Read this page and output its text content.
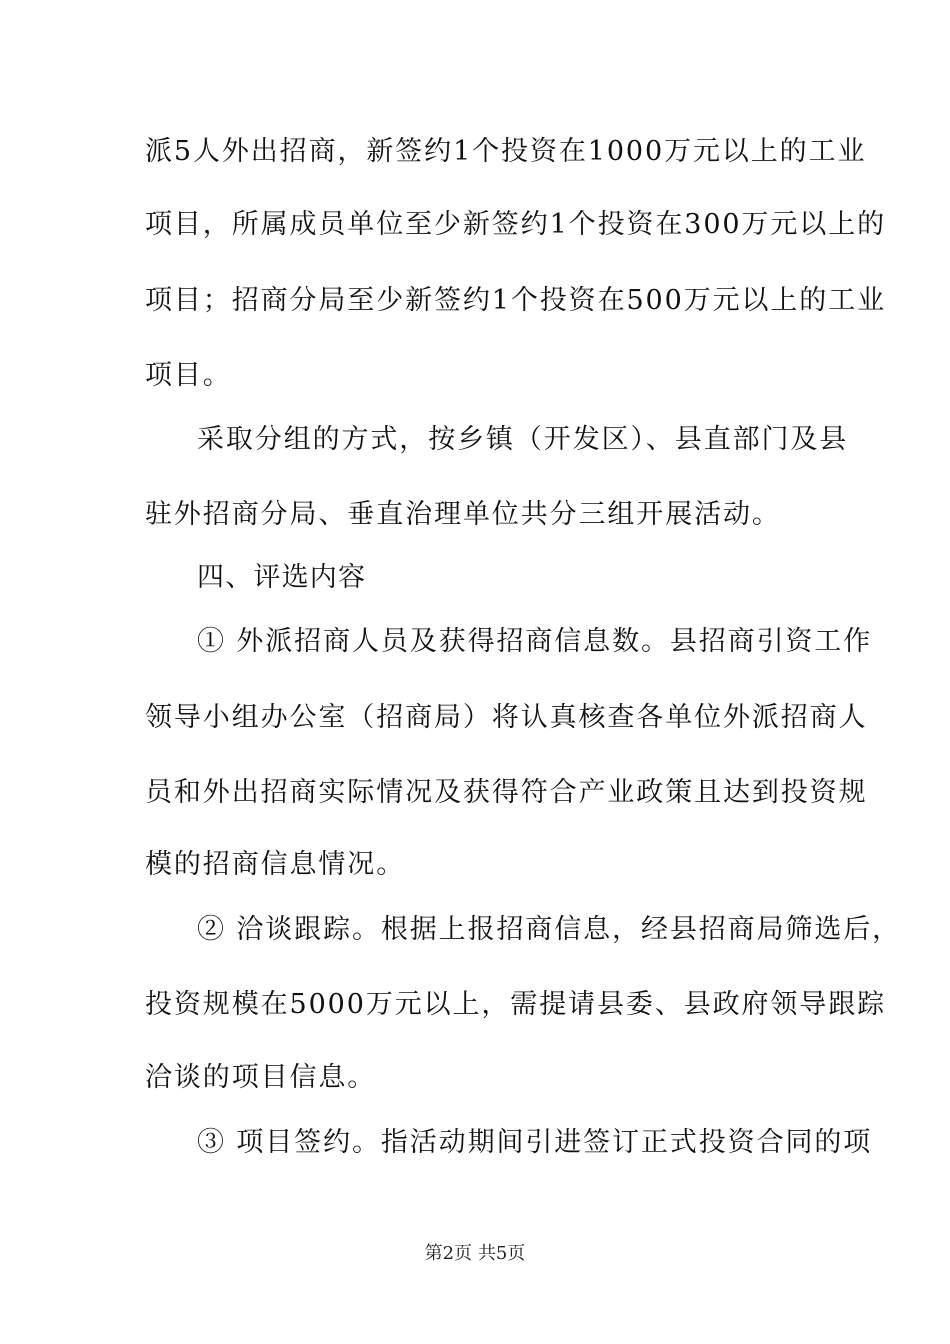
派5人外出招商，新签约1个投资在1000万元以上的工业
项目，所属成员单位至少新签约1个投资在300万元以上的
项目；招商分局至少新签约1个投资在500万元以上的工业
项目。
采取分组的方式，按乡镇（开发区）、县直部门及县
驻外招商分局、垂直治理单位共分三组开展活动。
四、评选内容
① 外派招商人员及获得招商信息数。县招商引资工作
领导小组办公室（招商局）将认真核查各单位外派招商人
员和外出招商实际情况及获得符合产业政策且达到投资规
模的招商信息情况。
② 洽谈跟踪。根据上报招商信息，经县招商局筛选后，
投资规模在5000万元以上，需提请县委、县政府领导跟踪
洽谈的项目信息。
③ 项目签约。指活动期间引进签订正式投资合同的项
第2页 共5页
